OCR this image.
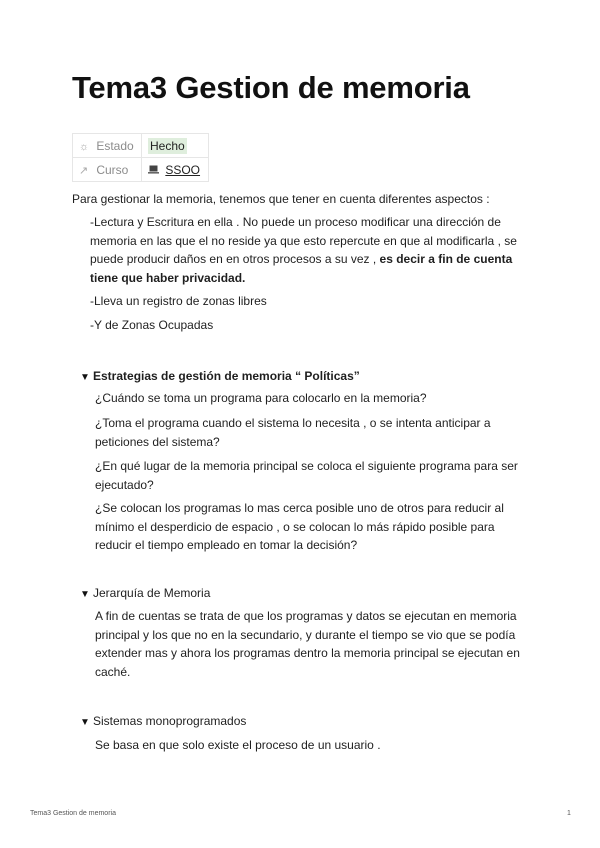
Tema3 Gestion de memoria
☼ Estado	Hecho
↗ Curso	SSOO

Para gestionar la memoria, tenemos que tener en cuenta diferentes aspectos :

-Lectura y Escritura en ella . No puede un proceso modificar una dirección de memoria en las que el no reside ya que esto repercute en que al modificarla , se puede producir daños en en otros procesos a su vez , es decir a fin de cuenta tiene que haber privacidad.

-Lleva un registro de zonas libres

-Y de Zonas Ocupadas

▼ Estrategias de gestión de memoria “ Políticas”

¿Cuándo se toma un programa para colocarlo en la memoria?

¿Toma el programa cuando el sistema lo necesita , o se intenta anticipar a peticiones del sistema?

¿En qué lugar de la memoria principal se coloca el siguiente programa para ser ejecutado?

¿Se colocan los programas lo mas cerca posible uno de otros para reducir al mínimo el desperdicio de espacio , o se colocan lo más rápido posible para reducir el tiempo empleado en tomar la decisión?

▼ Jerarquía de Memoria

A fin de cuentas se trata de que los programas y datos se ejecutan en memoria principal y los que no en la secundario, y durante el tiempo se vio que se podía extender mas y ahora los programas dentro la memoria principal se ejecutan en caché.

▼ Sistemas monoprogramados

Se basa en que solo existe el proceso de un usuario .

Tema3 Gestion de memoria	1
